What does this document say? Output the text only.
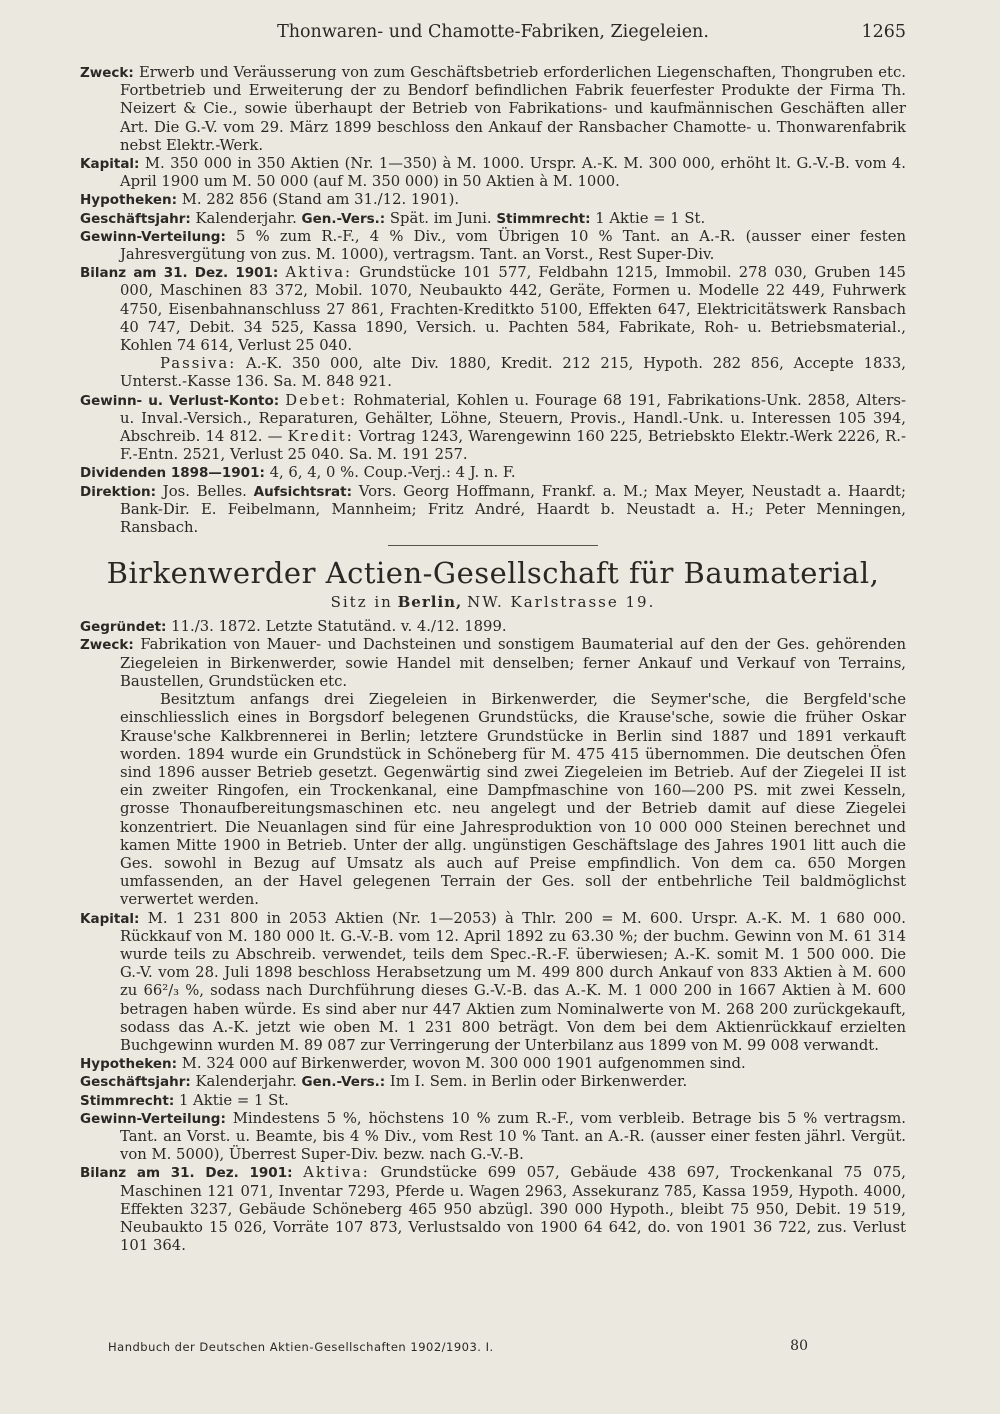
Thonwaren- und Chamotte-Fabriken, Ziegeleien.	1265

Zweck: Erwerb und Veräusserung von zum Geschäftsbetrieb erforderlichen Liegenschaften, Thongruben etc. Fortbetrieb und Erweiterung der zu Bendorf befindlichen Fabrik feuerfester Produkte der Firma Th. Neizert & Cie., sowie überhaupt der Betrieb von Fabrikations- und kaufmännischen Geschäften aller Art. Die G.-V. vom 29. März 1899 beschloss den Ankauf der Ransbacher Chamotte- u. Thonwarenfabrik nebst Elektr.-Werk.

Kapital: M. 350 000 in 350 Aktien (Nr. 1—350) à M. 1000. Urspr. A.-K. M. 300 000, erhöht lt. G.-V.-B. vom 4. April 1900 um M. 50 000 (auf M. 350 000) in 50 Aktien à M. 1000.

Hypotheken: M. 282 856 (Stand am 31./12. 1901).

Geschäftsjahr: Kalenderjahr. Gen.-Vers.: Spät. im Juni. Stimmrecht: 1 Aktie = 1 St.

Gewinn-Verteilung: 5 % zum R.-F., 4 % Div., vom Übrigen 10 % Tant. an A.-R. (ausser einer festen Jahresvergütung von zus. M. 1000), vertragsm. Tant. an Vorst., Rest Super-Div.

Bilanz am 31. Dez. 1901: Aktiva: Grundstücke 101 577, Feldbahn 1215, Immobil. 278 030, Gruben 145 000, Maschinen 83 372, Mobil. 1070, Neubaukto 442, Geräte, Formen u. Modelle 22 449, Fuhrwerk 4750, Eisenbahnanschluss 27 861, Frachten-Kreditkto 5100, Effekten 647, Elektricitätswerk Ransbach 40 747, Debit. 34 525, Kassa 1890, Versich. u. Pachten 584, Fabrikate, Roh- u. Betriebsmaterial., Kohlen 74 614, Verlust 25 040.

Passiva: A.-K. 350 000, alte Div. 1880, Kredit. 212 215, Hypoth. 282 856, Accepte 1833, Unterst.-Kasse 136. Sa. M. 848 921.

Gewinn- u. Verlust-Konto: Debet: Rohmaterial, Kohlen u. Fourage 68 191, Fabrikations-Unk. 2858, Alters- u. Inval.-Versich., Reparaturen, Gehälter, Löhne, Steuern, Provis., Handl.-Unk. u. Interessen 105 394, Abschreib. 14 812. — Kredit: Vortrag 1243, Warengewinn 160 225, Betriebskto Elektr.-Werk 2226, R.-F.-Entn. 2521, Verlust 25 040. Sa. M. 191 257.

Dividenden 1898—1901: 4, 6, 4, 0 %. Coup.-Verj.: 4 J. n. F.

Direktion: Jos. Belles. Aufsichtsrat: Vors. Georg Hoffmann, Frankf. a. M.; Max Meyer, Neustadt a. Haardt; Bank-Dir. E. Feibelmann, Mannheim; Fritz André, Haardt b. Neustadt a. H.; Peter Menningen, Ransbach.

Birkenwerder Actien-Gesellschaft für Baumaterial,
Sitz in Berlin, NW. Karlstrasse 19.

Gegründet: 11./3. 1872. Letzte Statutänd. v. 4./12. 1899.

Zweck: Fabrikation von Mauer- und Dachsteinen und sonstigem Baumaterial auf den der Ges. gehörenden Ziegeleien in Birkenwerder, sowie Handel mit denselben; ferner Ankauf und Verkauf von Terrains, Baustellen, Grundstücken etc.

Besitztum anfangs drei Ziegeleien in Birkenwerder, die Seymer'sche, die Bergfeld'sche einschliesslich eines in Borgsdorf belegenen Grundstücks, die Krause'sche, sowie die früher Oskar Krause'sche Kalkbrennerei in Berlin; letztere Grundstücke in Berlin sind 1887 und 1891 verkauft worden. 1894 wurde ein Grundstück in Schöneberg für M. 475 415 übernommen. Die deutschen Öfen sind 1896 ausser Betrieb gesetzt. Gegenwärtig sind zwei Ziegeleien im Betrieb. Auf der Ziegelei II ist ein zweiter Ringofen, ein Trockenkanal, eine Dampfmaschine von 160—200 PS. mit zwei Kesseln, grosse Thonaufbereitungsmaschinen etc. neu angelegt und der Betrieb damit auf diese Ziegelei konzentriert. Die Neuanlagen sind für eine Jahresproduktion von 10 000 000 Steinen berechnet und kamen Mitte 1900 in Betrieb. Unter der allg. ungünstigen Geschäftslage des Jahres 1901 litt auch die Ges. sowohl in Bezug auf Umsatz als auch auf Preise empfindlich. Von dem ca. 650 Morgen umfassenden, an der Havel gelegenen Terrain der Ges. soll der entbehrliche Teil baldmöglichst verwertet werden.

Kapital: M. 1 231 800 in 2053 Aktien (Nr. 1—2053) à Thlr. 200 = M. 600. Urspr. A.-K. M. 1 680 000. Rückkauf von M. 180 000 lt. G.-V.-B. vom 12. April 1892 zu 63.30 %; der buchm. Gewinn von M. 61 314 wurde teils zu Abschreib. verwendet, teils dem Spec.-R.-F. überwiesen; A.-K. somit M. 1 500 000. Die G.-V. vom 28. Juli 1898 beschloss Herabsetzung um M. 499 800 durch Ankauf von 833 Aktien à M. 600 zu 66²/₃ %, sodass nach Durchführung dieses G.-V.-B. das A.-K. M. 1 000 200 in 1667 Aktien à M. 600 betragen haben würde. Es sind aber nur 447 Aktien zum Nominalwerte von M. 268 200 zurückgekauft, sodass das A.-K. jetzt wie oben M. 1 231 800 beträgt. Von dem bei dem Aktienrückkauf erzielten Buchgewinn wurden M. 89 087 zur Verringerung der Unterbilanz aus 1899 von M. 99 008 verwandt.

Hypotheken: M. 324 000 auf Birkenwerder, wovon M. 300 000 1901 aufgenommen sind.

Geschäftsjahr: Kalenderjahr. Gen.-Vers.: Im I. Sem. in Berlin oder Birkenwerder.

Stimmrecht: 1 Aktie = 1 St.

Gewinn-Verteilung: Mindestens 5 %, höchstens 10 % zum R.-F., vom verbleib. Betrage bis 5 % vertragsm. Tant. an Vorst. u. Beamte, bis 4 % Div., vom Rest 10 % Tant. an A.-R. (ausser einer festen jährl. Vergüt. von M. 5000), Überrest Super-Div. bezw. nach G.-V.-B.

Bilanz am 31. Dez. 1901: Aktiva: Grundstücke 699 057, Gebäude 438 697, Trockenkanal 75 075, Maschinen 121 071, Inventar 7293, Pferde u. Wagen 2963, Assekuranz 785, Kassa 1959, Hypoth. 4000, Effekten 3237, Gebäude Schöneberg 465 950 abzügl. 390 000 Hypoth., bleibt 75 950, Debit. 19 519, Neubaukto 15 026, Vorräte 107 873, Verlustsaldo von 1900 64 642, do. von 1901 36 722, zus. Verlust 101 364.

Handbuch der Deutschen Aktien-Gesellschaften 1902/1903. I.	80
